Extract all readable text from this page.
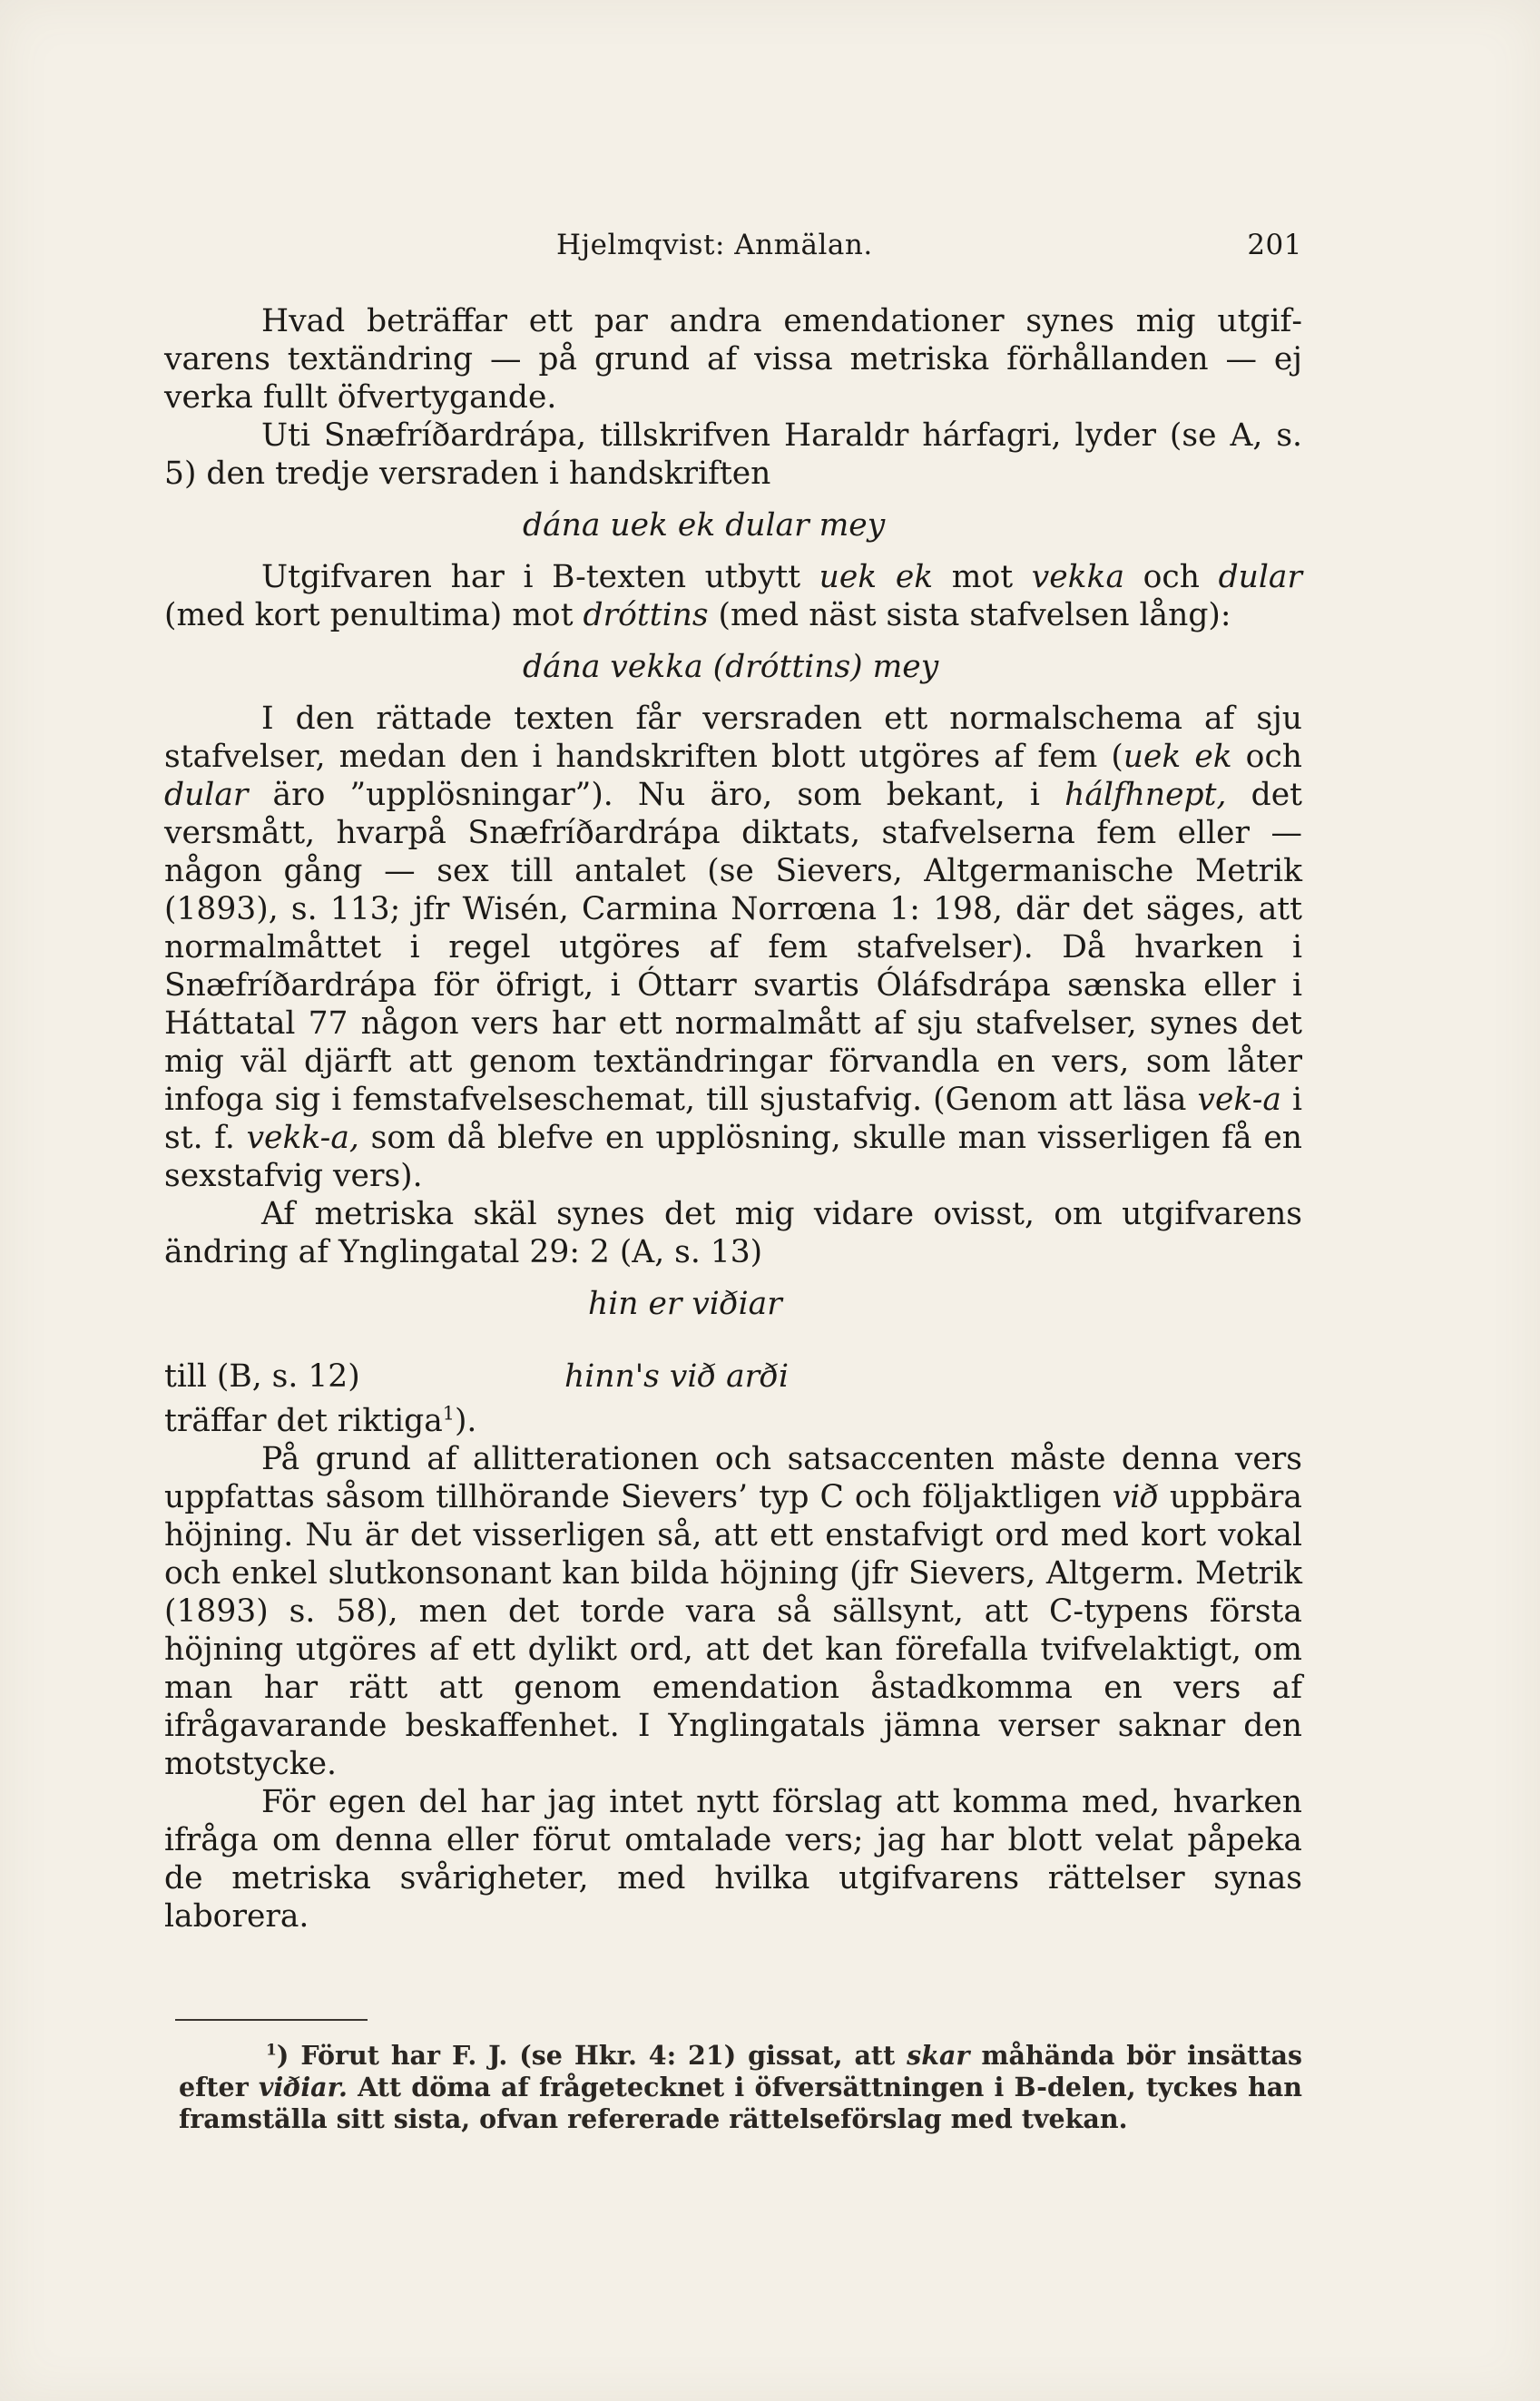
Hjelmqvist: Anmälan.	201

Hvad beträffar ett par andra emendationer synes mig utgifvarens textändring — på grund af vissa metriska förhållanden — ej verka fullt öfvertygande.

Uti Snæfríðardrápa, tillskrifven Haraldr hárfagri, lyder (se A, s. 5) den tredje versraden i handskriften

dána uek ek dular mey

Utgifvaren har i B-texten utbytt uek ek mot vekka och dular (med kort penultima) mot dróttins (med näst sista stafvelsen lång):

dána vekka (dróttins) mey

I den rättade texten får versraden ett normalschema af sju stafvelser, medan den i handskriften blott utgöres af fem (uek ek och dular äro ”upplösningar”). Nu äro, som bekant, i hálfhnept, det versmått, hvarpå Snæfríðardrápa diktats, stafvelserna fem eller — någon gång — sex till antalet (se Sievers, Altgermanische Metrik (1893), s. 113; jfr Wisén, Carmina Norrœna 1: 198, där det säges, att normalmåttet i regel utgöres af fem stafvelser). Då hvarken i Snæfríðardrápa för öfrigt, i Óttarr svartis Óláfsdrápa sænska eller i Háttatal 77 någon vers har ett normalmått af sju stafvelser, synes det mig väl djärft att genom textändringar förvandla en vers, som låter infoga sig i femstafvelseschemat, till sjustafvig. (Genom att läsa vek-a i st. f. vekk-a, som då blefve en upplösning, skulle man visserligen få en sexstafvig vers).

Af metriska skäl synes det mig vidare ovisst, om utgifvarens ändring af Ynglingatal 29: 2 (A, s. 13)

hin er viðiar
till (B, s. 12)	hinn's við arði

träffar det riktiga$^1$).

På grund af allitterationen och satsaccenten måste denna vers uppfattas såsom tillhörande Sievers’ typ C och följaktligen við uppbära höjning. Nu är det visserligen så, att ett enstafvigt ord med kort vokal och enkel slutkonsonant kan bilda höjning (jfr Sievers, Altgerm. Metrik (1893) s. 58), men det torde vara så sällsynt, att C-typens första höjning utgöres af ett dylikt ord, att det kan förefalla tvifvelaktigt, om man har rätt att genom emendation åstadkomma en vers af ifrågavarande beskaffenhet. I Ynglingatals jämna verser saknar den motstycke.

För egen del har jag intet nytt förslag att komma med, hvarken ifråga om denna eller förut omtalade vers; jag har blott velat påpeka de metriska svårigheter, med hvilka utgifvarens rättelser synas laborera.

$^1$) Förut har F. J. (se Hkr. 4: 21) gissat, att skar måhända bör insättas efter viðiar. Att döma af frågetecknet i öfversättningen i B-delen, tyckes han framställa sitt sista, ofvan refererade rättelseförslag med tvekan.
